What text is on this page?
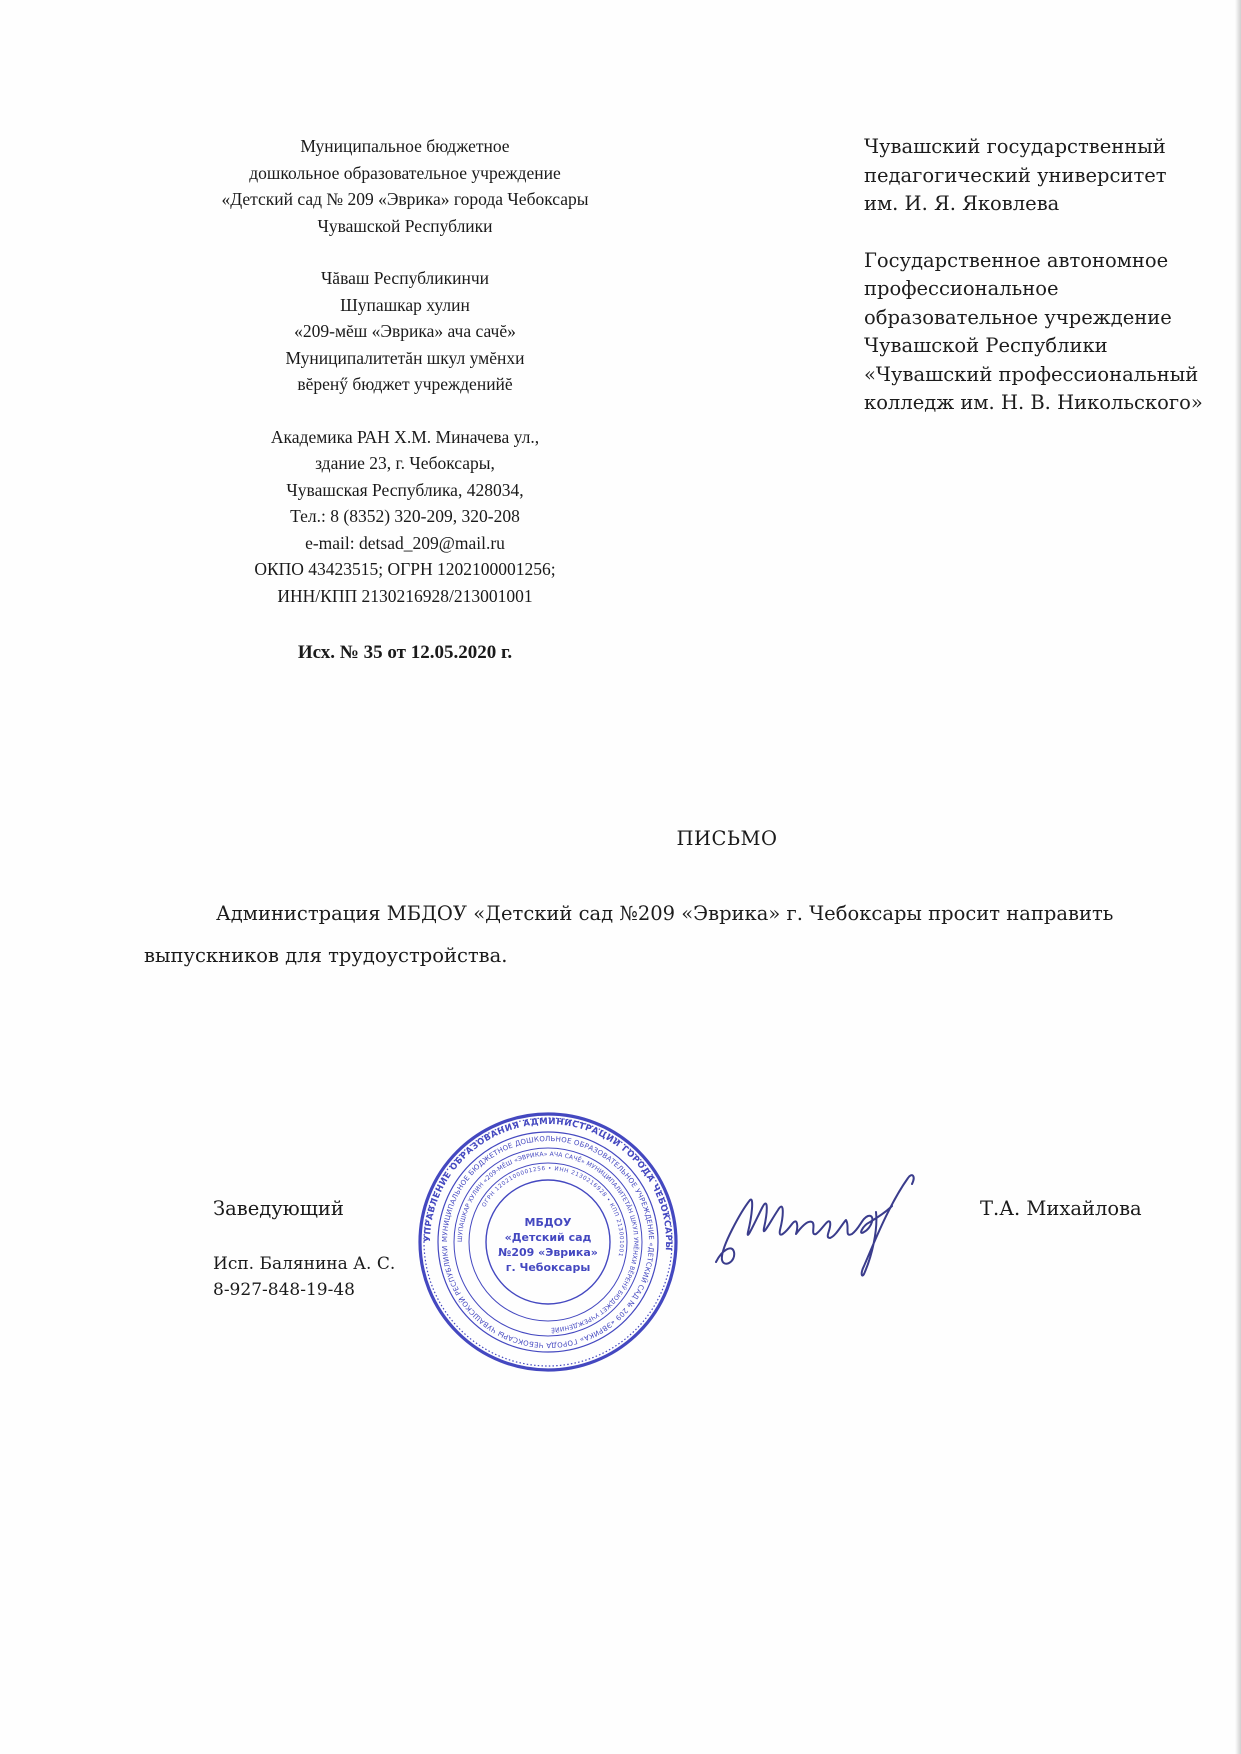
Муниципальное бюджетное
дошкольное образовательное учреждение
«Детский сад № 209 «Эврика» города Чебоксары
Чувашской Республики
Чăваш Республикинчи
Шупашкар хулин
«209-мĕш «Эврика» ача сачĕ»
Муниципалитетăн шкул умĕнхи
вĕренӳ бюджет учрежденийĕ
Академика РАН Х.М. Миначева ул.,
здание 23, г. Чебоксары,
Чувашская Республика, 428034,
Тел.: 8 (8352) 320-209, 320-208
e-mail: detsad_209@mail.ru
ОКПО 43423515; ОГРН 1202100001256;
ИНН/КПП 2130216928/213001001
Исх. № 35 от 12.05.2020 г.
Чувашский государственный
педагогический университет
им. И. Я. Яковлева
Государственное автономное
профессиональное
образовательное учреждение
Чувашской Республики
«Чувашский профессиональный
колледж им. Н. В. Никольского»
ПИСЬМО
Администрация МБДОУ «Детский сад №209 «Эврика» г. Чебоксары просит направить
выпускников для трудоустройства.
Заведующий
Исп. Балянина А. С.
8-927-848-19-48
Т.А. Михайлова
УПРАВЛЕНИЕ ОБРАЗОВАНИЯ АДМИНИСТРАЦИИ ГОРОДА ЧЕБОКСАРЫ
МУНИЦИПАЛЬНОЕ БЮДЖЕТНОЕ ДОШКОЛЬНОЕ ОБРАЗОВАТЕЛЬНОЕ УЧРЕЖДЕНИЕ «ДЕТСКИЙ САД № 209 «ЭВРИКА» ГОРОДА ЧЕБОКСАРЫ ЧУВАШСКОЙ РЕСПУБЛИКИ
ШУПАШКАР ХУЛИН «209-МĔШ «ЭВРИКА» АЧА САЧĔ» МУНИЦИПАЛИТЕТĂН ШКУЛ УМĔНХИ ВĔРЕНӲ БЮДЖЕТ УЧРЕЖДЕНИЙĔ
ОГРН 1202100001256 • ИНН 2130216928 • КПП 213001001
МБДОУ
«Детский сад
№209 «Эврика»
г. Чебоксары
